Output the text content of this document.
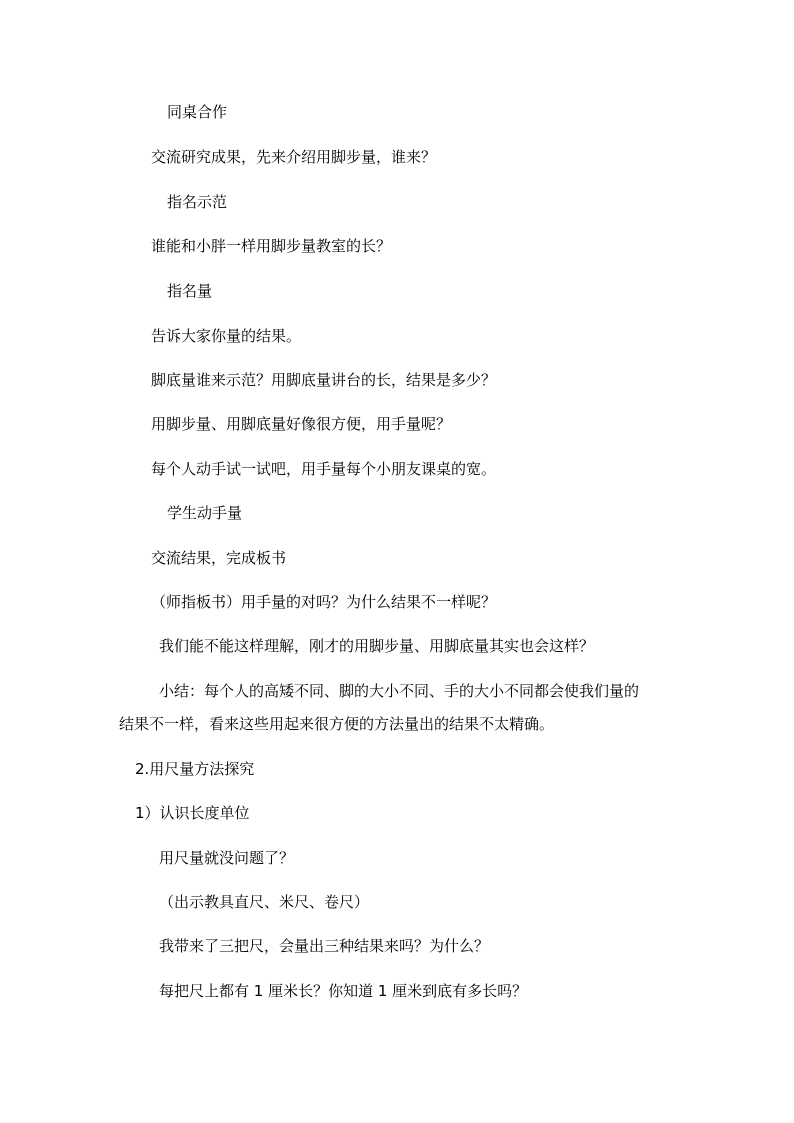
同桌合作

交流研究成果，先来介绍用脚步量，谁来？

指名示范

谁能和小胖一样用脚步量教室的长？

指名量

告诉大家你量的结果。

脚底量谁来示范？用脚底量讲台的长，结果是多少？

用脚步量、用脚底量好像很方便，用手量呢？

每个人动手试一试吧，用手量每个小朋友课桌的宽。

学生动手量

交流结果，完成板书

（师指板书）用手量的对吗？为什么结果不一样呢？

我们能不能这样理解，刚才的用脚步量、用脚底量其实也会这样？

小结：每个人的高矮不同、脚的大小不同、手的大小不同都会使我们量的

结果不一样，看来这些用起来很方便的方法量出的结果不太精确。

2.用尺量方法探究

1）认识长度单位

用尺量就没问题了？

（出示教具直尺、米尺、卷尺）

我带来了三把尺，会量出三种结果来吗？为什么？

每把尺上都有 1 厘米长？你知道 1 厘米到底有多长吗？
